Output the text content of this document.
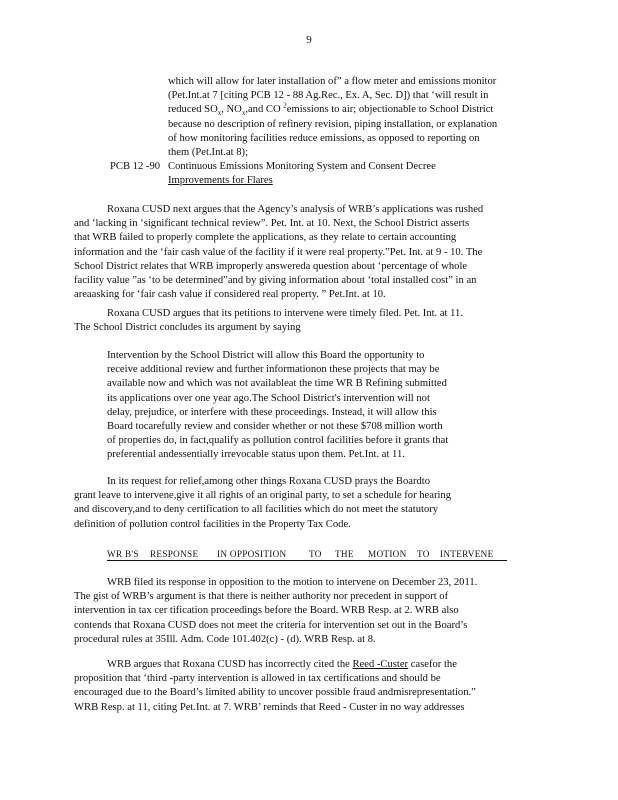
9
which will allow for later installation of” a flow meter and emissions monitor
(Pet.Int.at 7 [citing PCB 12 - 88 Ag.Rec., Ex. A, Sec. D]) that ‘will result in
reduced $SO_x$, $NO_x,and$ CO $^2$emissions to air; objectionable to School District
because no description of refinery revision, piping installation, or explanation
of how monitoring facilities reduce emissions, as opposed to reporting on
them (Pet.Int.at 8);
PCB 12 -90 Continuous Emissions Monitoring System and Consent Decree
Improvements for Flares
Roxana CUSD next argues that the Agency’s analysis of WRB’s applications was rushed
and ‘lacking in ‘significant technical review”. Pet. Int. at 10. Next, the School District asserts
that WRB failed to properly complete the applications, as they relate to certain accounting
information and the ‘fair cash value of the facility if it were real property.”Pet. Int. at 9 - 10. The
School District relates that WRB improperly answereda question about ‘percentage of whole
facility value ”as ‘to be determined”and by giving information about ‘total installed cost” in an
areaasking for ‘fair cash value if considered real property. ” Pet.Int. at 10.
Roxana CUSD argues that its petitions to intervene were timely filed. Pet. Int. at 11.
The School District concludes its argument by saying
Intervention by the School District will allow this Board the opportunity to
receive additional review and further informationon these projects that may be
available now and which was not availableat the time WR B Refining submitted
its applications over one year ago.The School District's intervention will not
delay, prejudice, or interfere with these proceedings. Instead, it will allow this
Board tocarefully review and consider whether or not these $708 million worth
of properties do, in fact,qualify as pollution control facilities before it grants that
preferential andessentially irrevocable status upon them. Pet.Int. at 11.
In its request for relief,among other things Roxana CUSD prays the Boardto
grant leave to intervene,give it all rights of an original party, to set a schedule for hearing
and discovery,and to deny certification to all facilities which do not meet the statutory
definition of pollution control facilities in the Property Tax Code.
WR B'S RESPONSE IN OPPOSITION TO THE MOTION TO INTERVENE
WRB filed its response in opposition to the motion to intervene on December 23, 2011.
The gist of WRB’s argument is that there is neither authority nor precedent in support of
intervention in tax cer tification proceedings before the Board. WRB Resp. at 2. WRB also
contends that Roxana CUSD does not meet the criteria for intervention set out in the Board’s
procedural rules at 35Ill. Adm. Code 101.402(c) - (d). WRB Resp. at 8.
WRB argues that Roxana CUSD has incorrectly cited the Reed -Custer casefor the
proposition that ‘third -party intervention is allowed in tax certifications and should be
encouraged due to the Board’s limited ability to uncover possible fraud andmisrepresentation.”
WRB Resp. at 11, citing Pet.Int. at 7. WRB’ reminds that Reed - Custer in no way addresses
